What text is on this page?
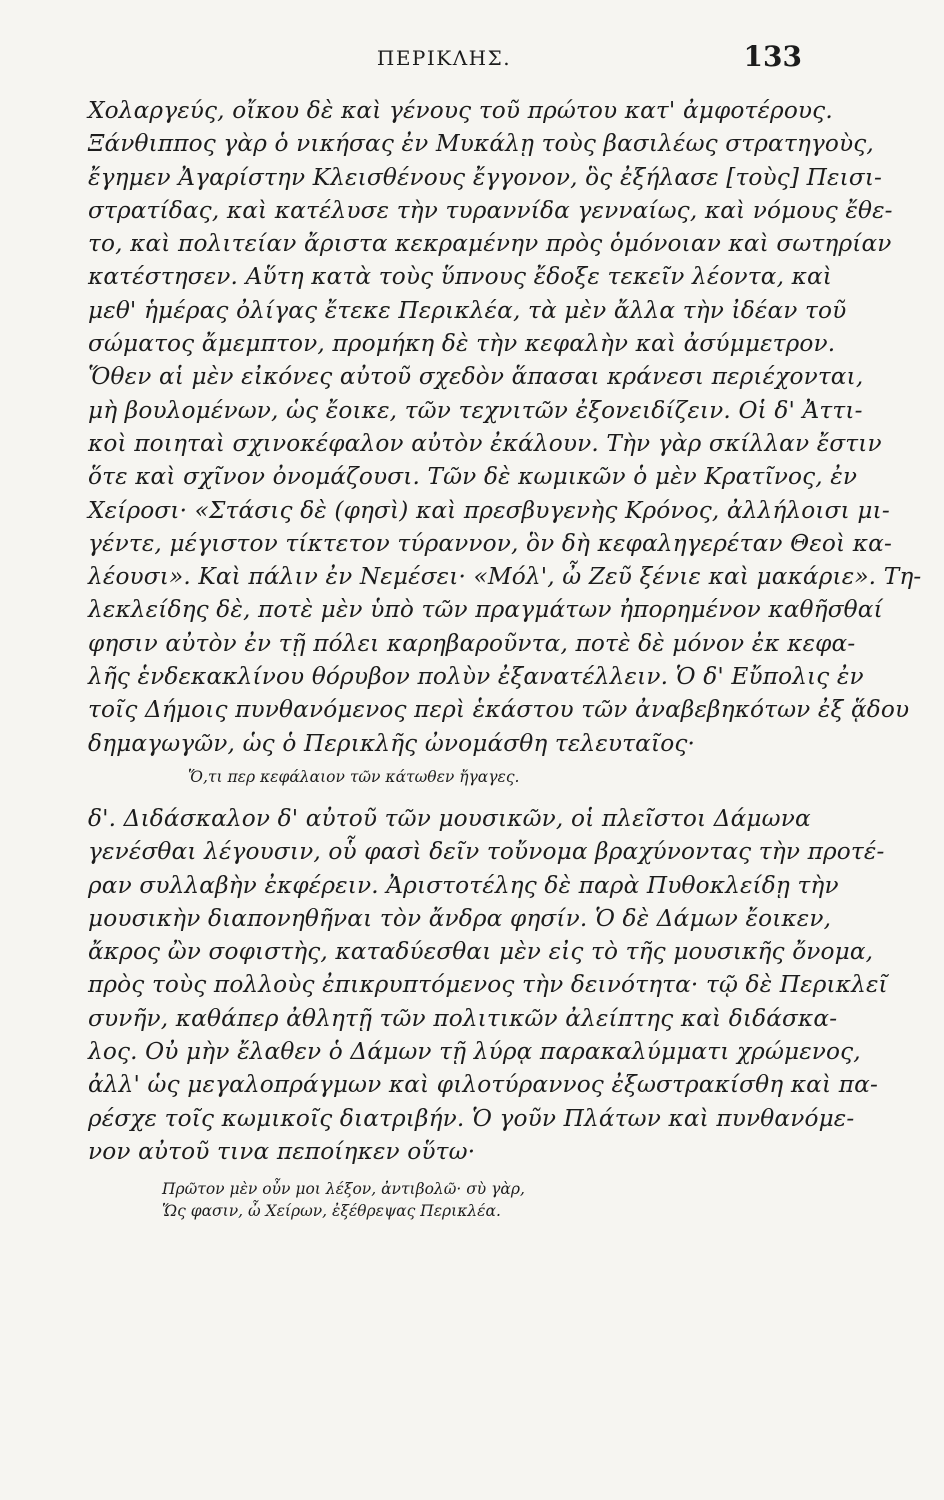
ΠΕΡΙΚΛΗΣ.	133
Χολαργεύς, οἴκου δὲ καὶ γένους τοῦ πρώτου κατ' ἀμφοτέρους.
Ξάνθιππος γὰρ ὁ νικήσας ἐν Μυκάλῃ τοὺς βασιλέως στρατηγοὺς,
ἔγημεν Ἀγαρίστην Κλεισθένους ἔγγονον, ὃς ἐξήλασε [τοὺς] Πεισι-
στρατίδας, καὶ κατέλυσε τὴν τυραννίδα γενναίως, καὶ νόμους ἔθε-
το, καὶ πολιτείαν ἄριστα κεκραμένην πρὸς ὁμόνοιαν καὶ σωτηρίαν
κατέστησεν. Αὕτη κατὰ τοὺς ὕπνους ἔδοξε τεκεῖν λέοντα, καὶ
μεθ' ἡμέρας ὀλίγας ἔτεκε Περικλέα, τὰ μὲν ἄλλα τὴν ἰδέαν τοῦ
σώματος ἄμεμπτον, προμήκη δὲ τὴν κεφαλὴν καὶ ἀσύμμετρον.
Ὅθεν αἱ μὲν εἰκόνες αὐτοῦ σχεδὸν ἅπασαι κράνεσι περιέχονται,
μὴ βουλομένων, ὡς ἔοικε, τῶν τεχνιτῶν ἐξονειδίζειν. Οἱ δ' Ἀττι-
κοὶ ποιηταὶ σχινοκέφαλον αὐτὸν ἐκάλουν. Τὴν γὰρ σκίλλαν ἔστιν
ὅτε καὶ σχῖνον ὀνομάζουσι. Τῶν δὲ κωμικῶν ὁ μὲν Κρατῖνος, ἐν
Χείροσι· «Στάσις δὲ (φησὶ) καὶ πρεσβυγενὴς Κρόνος, ἀλλήλοισι μι-
γέντε, μέγιστον τίκτετον τύραννον, ὃν δὴ κεφαληγερέταν Θεοὶ κα-
λέουσι». Καὶ πάλιν ἐν Νεμέσει· «Μόλ', ὦ Ζεῦ ξένιε καὶ μακάριε». Τη-
λεκλείδης δὲ, ποτὲ μὲν ὑπὸ τῶν πραγμάτων ἠπορημένον καθῆσθαί
φησιν αὐτὸν ἐν τῇ πόλει καρηβαροῦντα, ποτὲ δὲ μόνον ἐκ κεφα-
λῆς ἑνδεκακλίνου θόρυβον πολὺν ἐξανατέλλειν. Ὁ δ' Εὔπολις ἐν
τοῖς Δήμοις πυνθανόμενος περὶ ἑκάστου τῶν ἀναβεβηκότων ἐξ ᾅδου
δημαγωγῶν, ὡς ὁ Περικλῆς ὠνομάσθη τελευταῖος·
Ὅ,τι περ κεφάλαιον τῶν κάτωθεν ἤγαγες.
δ'. Διδάσκαλον δ' αὐτοῦ τῶν μουσικῶν, οἱ πλεῖστοι Δάμωνα
γενέσθαι λέγουσιν, οὗ φασὶ δεῖν τοὔνομα βραχύνοντας τὴν προτέ-
ραν συλλαβὴν ἐκφέρειν. Ἀριστοτέλης δὲ παρὰ Πυθοκλείδῃ τὴν
μουσικὴν διαπονηθῆναι τὸν ἄνδρα φησίν. Ὁ δὲ Δάμων ἔοικεν,
ἄκρος ὢν σοφιστὴς, καταδύεσθαι μὲν εἰς τὸ τῆς μουσικῆς ὄνομα,
πρὸς τοὺς πολλοὺς ἐπικρυπτόμενος τὴν δεινότητα· τῷ δὲ Περικλεῖ
συνῆν, καθάπερ ἀθλητῇ τῶν πολιτικῶν ἀλείπτης καὶ διδάσκα-
λος. Οὐ μὴν ἔλαθεν ὁ Δάμων τῇ λύρᾳ παρακαλύμματι χρώμενος,
ἀλλ' ὡς μεγαλοπράγμων καὶ φιλοτύραννος ἐξωστρακίσθη καὶ πα-
ρέσχε τοῖς κωμικοῖς διατριβήν. Ὁ γοῦν Πλάτων καὶ πυνθανόμε-
νον αὐτοῦ τινα πεποίηκεν οὕτω·
Πρῶτον μὲν οὖν μοι λέξον, ἀντιβολῶ· σὺ γὰρ,
Ὥς φασιν, ὦ Χείρων, ἐξέθρεψας Περικλέα.
